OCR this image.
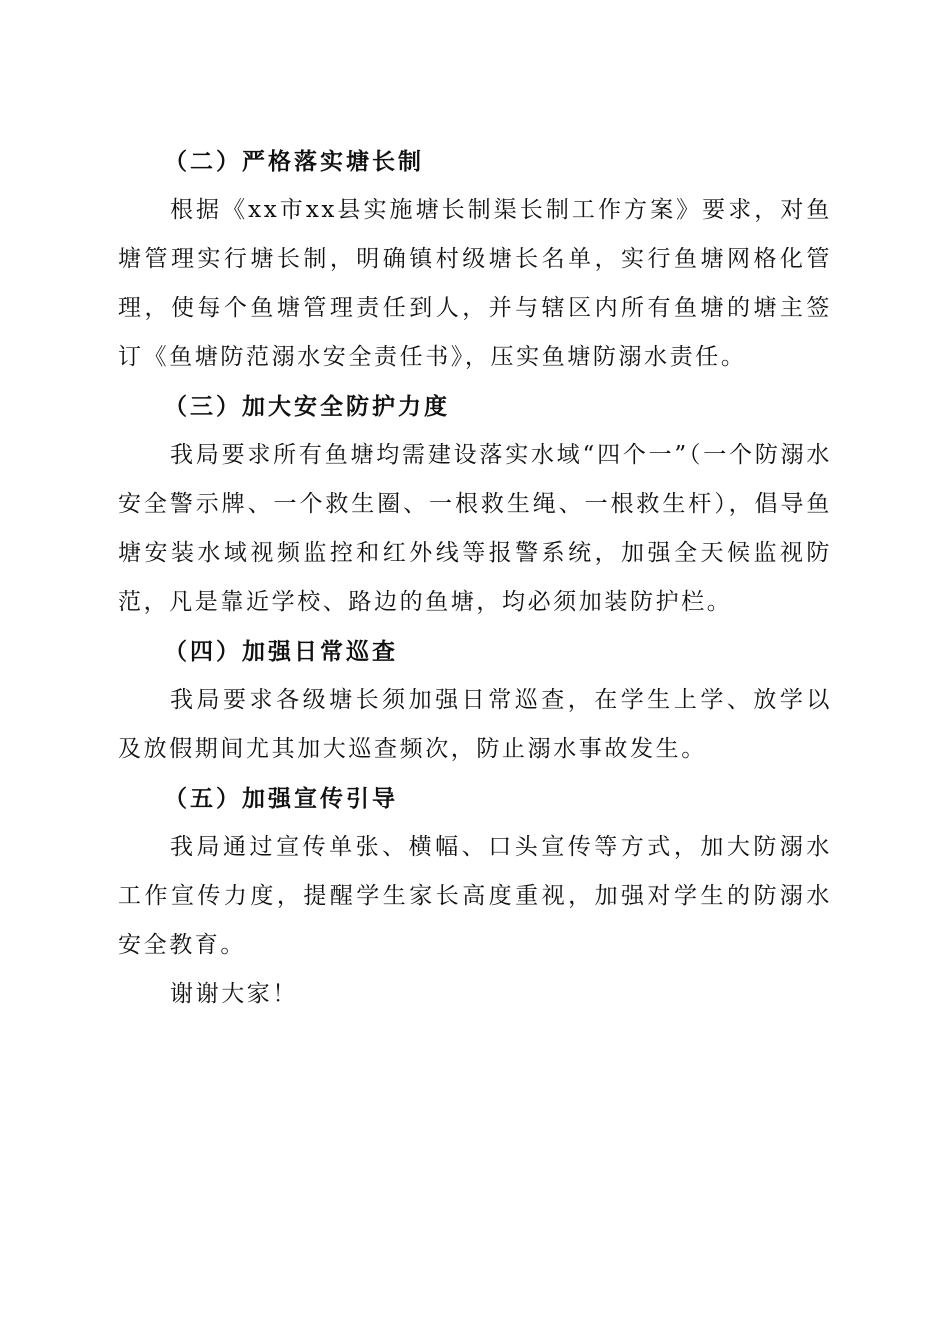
（二）严格落实塘长制

根据《xx市xx县实施塘长制渠长制工作方案》要求，对鱼塘管理实行塘长制，明确镇村级塘长名单，实行鱼塘网格化管理，使每个鱼塘管理责任到人，并与辖区内所有鱼塘的塘主签订《鱼塘防范溺水安全责任书》，压实鱼塘防溺水责任。

（三）加大安全防护力度

我局要求所有鱼塘均需建设落实水域“四个一”（一个防溺水安全警示牌、一个救生圈、一根救生绳、一根救生杆），倡导鱼塘安装水域视频监控和红外线等报警系统，加强全天候监视防范，凡是靠近学校、路边的鱼塘，均必须加装防护栏。

（四）加强日常巡查

我局要求各级塘长须加强日常巡查，在学生上学、放学以及放假期间尤其加大巡查频次，防止溺水事故发生。

（五）加强宣传引导

我局通过宣传单张、横幅、口头宣传等方式，加大防溺水工作宣传力度，提醒学生家长高度重视，加强对学生的防溺水安全教育。

谢谢大家！
